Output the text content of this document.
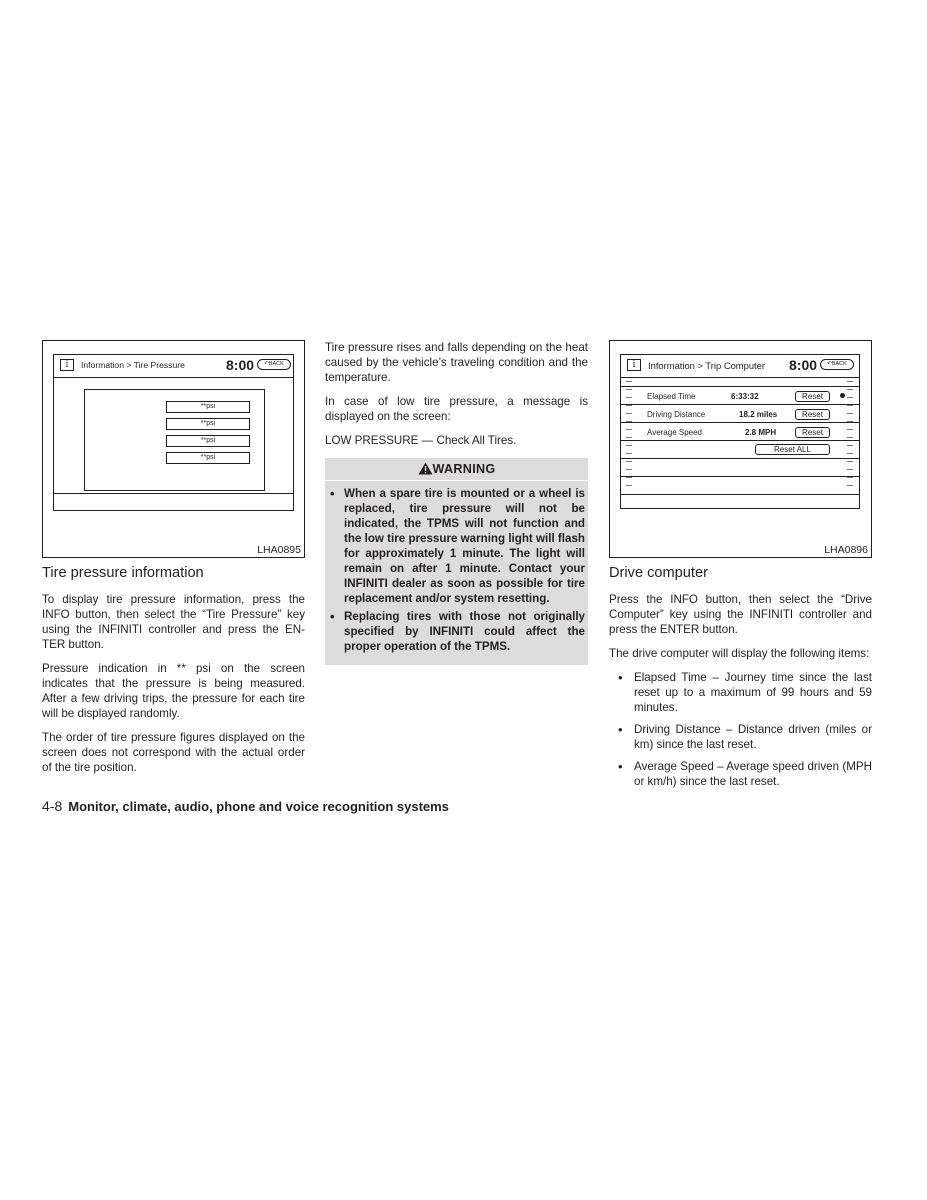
i	Information > Tire Pressure	8:00	↶BACK
**psi
**psi
**psi
**psi
LHA0895
Tire pressure information

To display tire pressure information, press the INFO button, then select the “Tire Pressure” key using the INFINITI controller and press the EN-TER button.

Pressure indication in ** psi on the screen indicates that the pressure is being measured. After a few driving trips, the pressure for each tire will be displayed randomly.

The order of tire pressure figures displayed on the screen does not correspond with the actual order of the tire position.

Tire pressure rises and falls depending on the heat caused by the vehicle’s traveling condition and the temperature.

In case of low tire pressure, a message is displayed on the screen:

LOW PRESSURE — Check All Tires.

WARNING
• When a spare tire is mounted or a wheel is replaced, tire pressure will not be indicated, the TPMS will not function and the low tire pressure warning light will flash for approximately 1 minute. The light will remain on after 1 minute. Contact your INFINITI dealer as soon as possible for tire replacement and/or system resetting.
• Replacing tires with those not originally specified by INFINITI could affect the proper operation of the TPMS.
i	Information > Trip Computer 8:00	↶BACK
Elapsed Time	6:33:32	Reset
Driving Distance	18.2 miles	Reset
Average Speed	2.8 MPH	Reset
Reset ALL
LHA0896
Drive computer

Press the INFO button, then select the “Drive Computer” key using the INFINITI controller and press the ENTER button.

The drive computer will display the following items:

• Elapsed Time – Journey time since the last reset up to a maximum of 99 hours and 59 minutes.
• Driving Distance – Distance driven (miles or km) since the last reset.
• Average Speed – Average speed driven (MPH or km/h) since the last reset.
4-8 Monitor, climate, audio, phone and voice recognition systems
